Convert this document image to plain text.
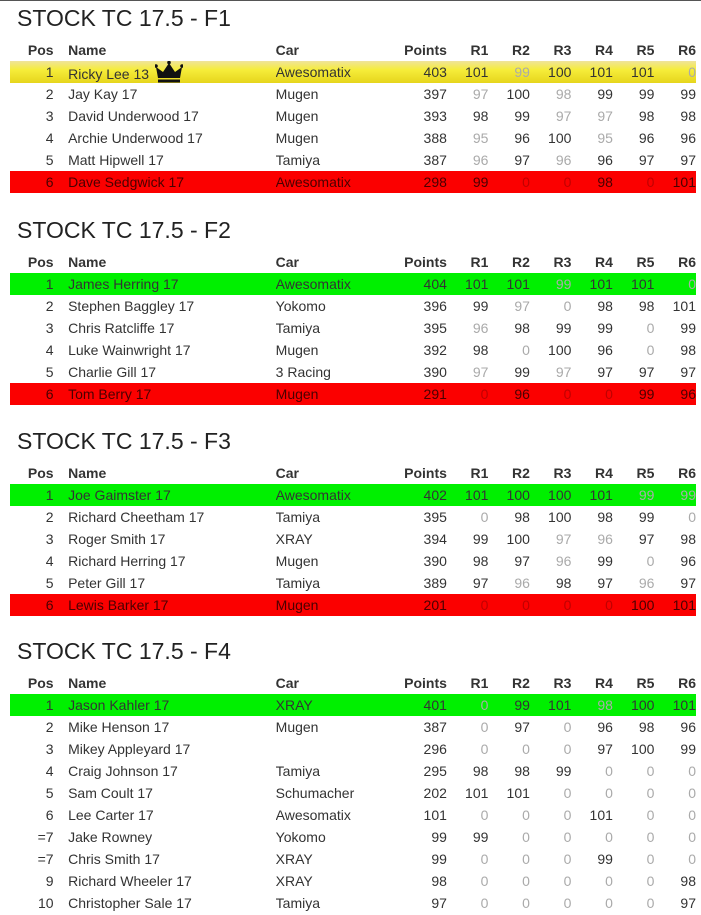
STOCK TC 17.5 - F1
Pos		Name	Car	Points	R1	R2	R3	R4	R5	R6
1		Ricky Lee 13	Awesomatix	403	101	99	100	101	101	0
2		Jay Kay 17	Mugen	397	97	100	98	99	99	99
3		David Underwood 17	Mugen	393	98	99	97	97	98	98
4		Archie Underwood 17	Mugen	388	95	96	100	95	96	96
5		Matt Hipwell 17	Tamiya	387	96	97	96	96	97	97
6		Dave Sedgwick 17	Awesomatix	298	99	0	0	98	0	101
STOCK TC 17.5 - F2
Pos		Name	Car	Points	R1	R2	R3	R4	R5	R6
1		James Herring 17	Awesomatix	404	101	101	99	101	101	0
2		Stephen Baggley 17	Yokomo	396	99	97	0	98	98	101
3		Chris Ratcliffe 17	Tamiya	395	96	98	99	99	0	99
4		Luke Wainwright 17	Mugen	392	98	0	100	96	0	98
5		Charlie Gill 17	3 Racing	390	97	99	97	97	97	97
6		Tom Berry 17	Mugen	291	0	96	0	0	99	96
STOCK TC 17.5 - F3
Pos		Name	Car	Points	R1	R2	R3	R4	R5	R6
1		Joe Gaimster 17	Awesomatix	402	101	100	100	101	99	99
2		Richard Cheetham 17	Tamiya	395	0	98	100	98	99	0
3		Roger Smith 17	XRAY	394	99	100	97	96	97	98
4		Richard Herring 17	Mugen	390	98	97	96	99	0	96
5		Peter Gill 17	Tamiya	389	97	96	98	97	96	97
6		Lewis Barker 17	Mugen	201	0	0	0	0	100	101
STOCK TC 17.5 - F4
Pos		Name	Car	Points	R1	R2	R3	R4	R5	R6
1		Jason Kahler 17	XRAY	401	0	99	101	98	100	101
2		Mike Henson 17	Mugen	387	0	97	0	96	98	96
3		Mikey Appleyard 17		296	0	0	0	97	100	99
4		Craig Johnson 17	Tamiya	295	98	98	99	0	0	0
5		Sam Coult 17	Schumacher	202	101	101	0	0	0	0
6		Lee Carter 17	Awesomatix	101	0	0	0	101	0	0
=7		Jake Rowney	Yokomo	99	99	0	0	0	0	0
=7		Chris Smith 17	XRAY	99	0	0	0	99	0	0
9		Richard Wheeler 17	XRAY	98	0	0	0	0	0	98
10		Christopher Sale 17	Tamiya	97	0	0	0	0	0	97
